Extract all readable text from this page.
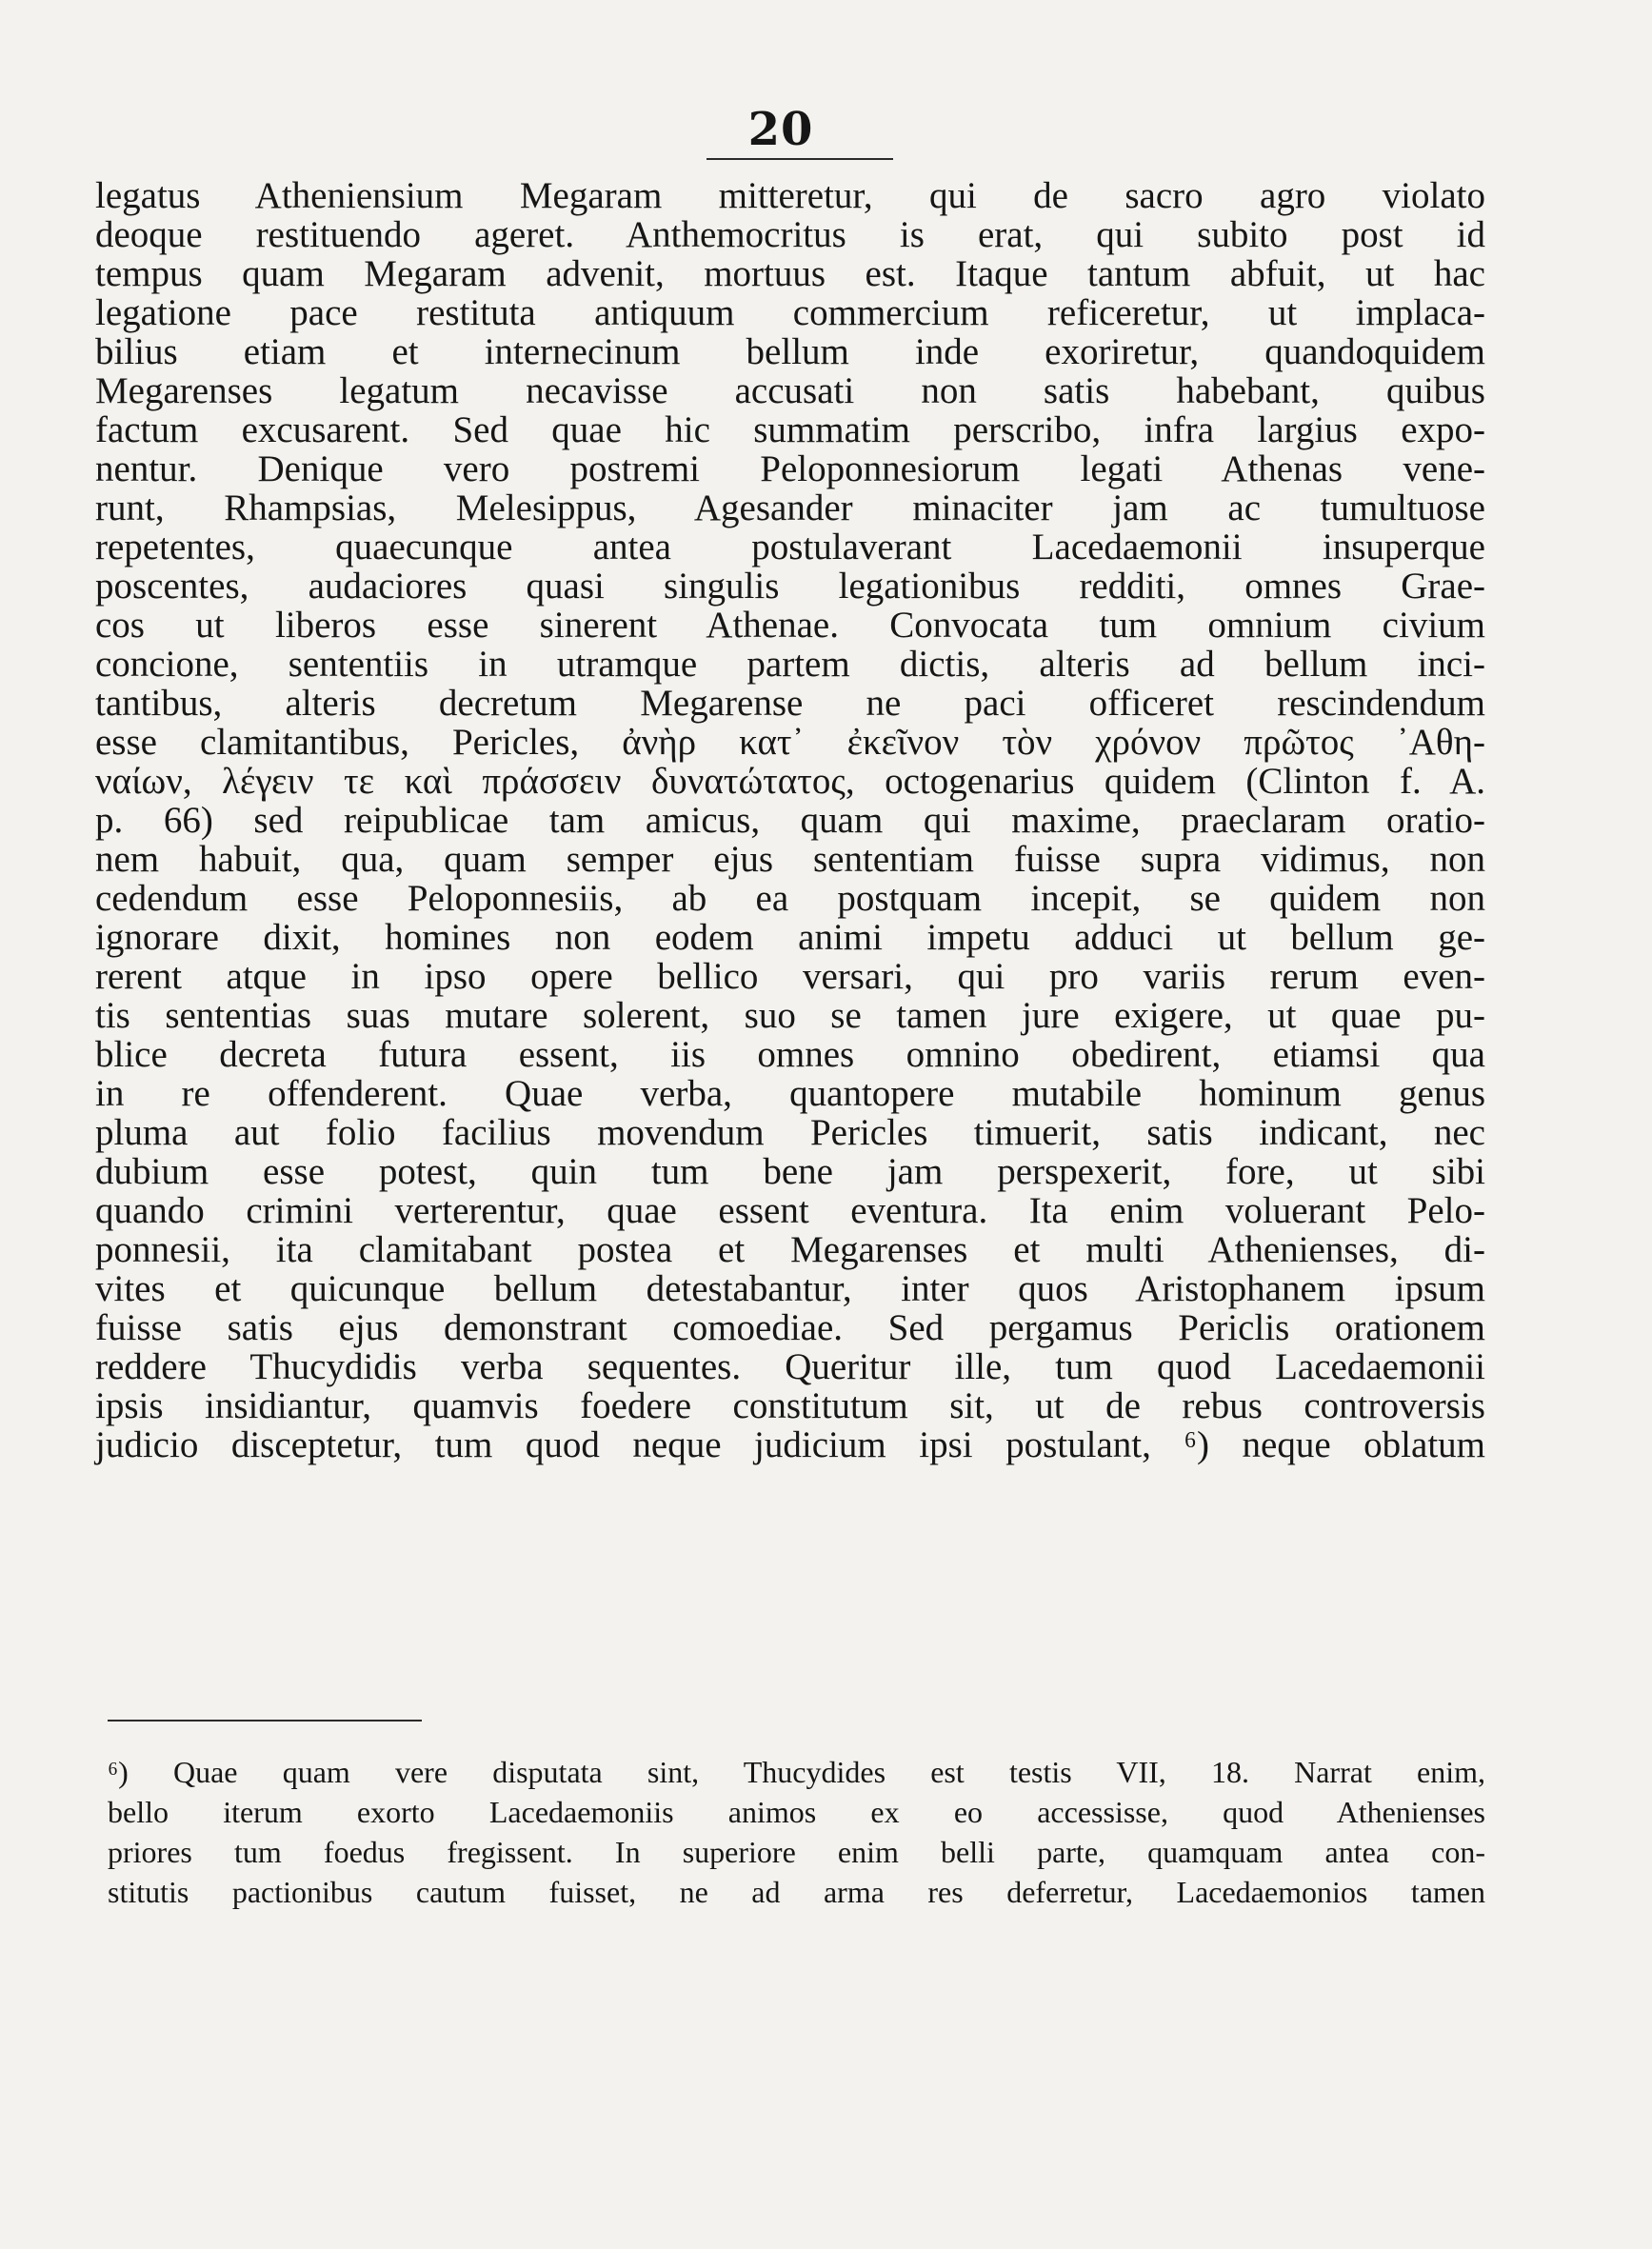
20
legatus Atheniensium Megaram mitteretur, qui de sacro agro violato
deoque restituendo ageret. Anthemocritus is erat, qui subito post id
tempus quam Megaram advenit, mortuus est. Itaque tantum abfuit, ut hac
legatione pace restituta antiquum commercium reficeretur, ut implaca-
bilius etiam et internecinum bellum inde exoriretur, quandoquidem
Megarenses legatum necavisse accusati non satis habebant, quibus
factum excusarent. Sed quae hic summatim perscribo, infra largius expo-
nentur. Denique vero postremi Peloponnesiorum legati Athenas vene-
runt, Rhampsias, Melesippus, Agesander minaciter jam ac tumultuose
repetentes, quaecunque antea postulaverant Lacedaemonii insuperque
poscentes, audaciores quasi singulis legationibus redditi, omnes Grae-
cos ut liberos esse sinerent Athenae. Convocata tum omnium civium
concione, sententiis in utramque partem dictis, alteris ad bellum inci-
tantibus, alteris decretum Megarense ne paci officeret rescindendum
esse clamitantibus, Pericles, ἀνὴρ κατ᾿ ἐκεῖνον τὸν χρόνον πρῶτος ᾿Αθη-
ναίων, λέγειν τε καὶ πράσσειν δυνατώτατος, octogenarius quidem (Clinton f. A.
p. 66) sed reipublicae tam amicus, quam qui maxime, praeclaram oratio-
nem habuit, qua, quam semper ejus sententiam fuisse supra vidimus, non
cedendum esse Peloponnesiis, ab ea postquam incepit, se quidem non
ignorare dixit, homines non eodem animi impetu adduci ut bellum ge-
rerent atque in ipso opere bellico versari, qui pro variis rerum even-
tis sententias suas mutare solerent, suo se tamen jure exigere, ut quae pu-
blice decreta futura essent, iis omnes omnino obedirent, etiamsi qua
in re offenderent. Quae verba, quantopere mutabile hominum genus
pluma aut folio facilius movendum Pericles timuerit, satis indicant, nec
dubium esse potest, quin tum bene jam perspexerit, fore, ut sibi
quando crimini verterentur, quae essent eventura. Ita enim voluerant Pelo-
ponnesii, ita clamitabant postea et Megarenses et multi Athenienses, di-
vites et quicunque bellum detestabantur, inter quos Aristophanem ipsum
fuisse satis ejus demonstrant comoediae. Sed pergamus Periclis orationem
reddere Thucydidis verba sequentes. Queritur ille, tum quod Lacedaemonii
ipsis insidiantur, quamvis foedere constitutum sit, ut de rebus controversis
judicio disceptetur, tum quod neque judicium ipsi postulant, ⁶) neque oblatum
⁶) Quae quam vere disputata sint, Thucydides est testis VII, 18. Narrat enim,
bello iterum exorto Lacedaemoniis animos ex eo accessisse, quod Athenienses
priores tum foedus fregissent. In superiore enim belli parte, quamquam antea con-
stitutis pactionibus cautum fuisset, ne ad arma res deferretur, Lacedaemonios tamen
